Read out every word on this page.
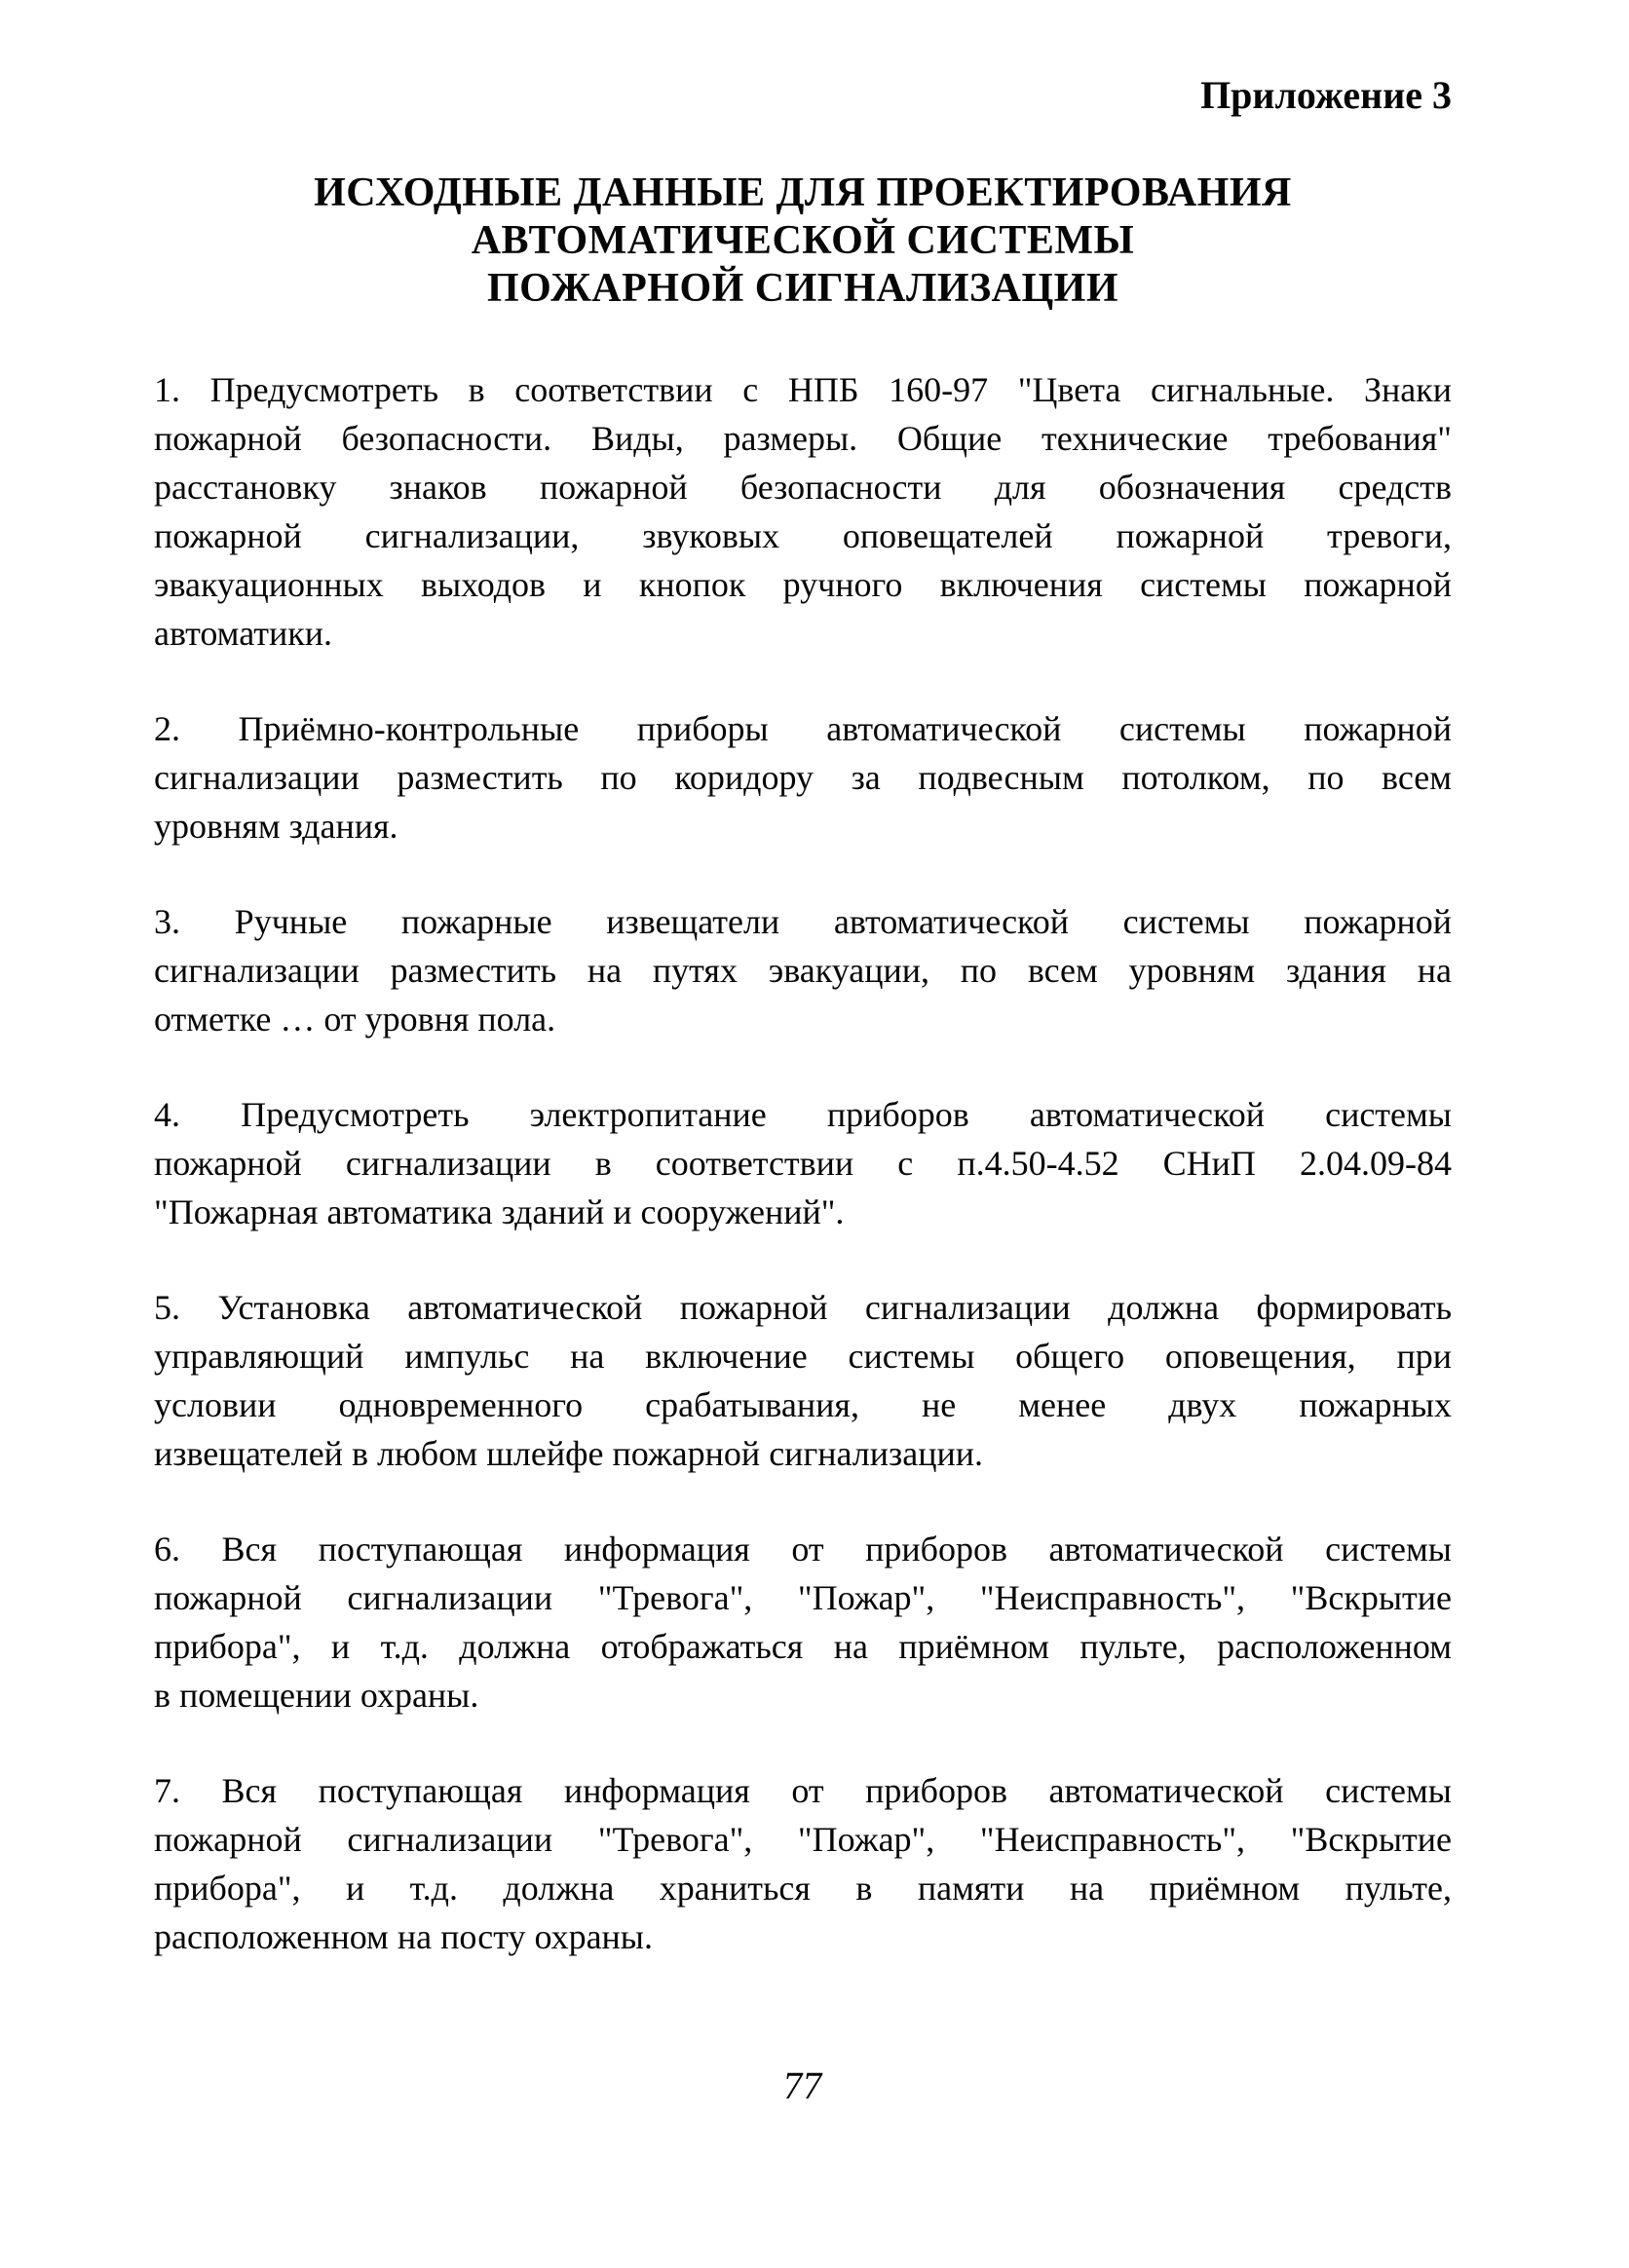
Приложение 3
ИСХОДНЫЕ ДАННЫЕ ДЛЯ ПРОЕКТИРОВАНИЯ
АВТОМАТИЧЕСКОЙ СИСТЕМЫ
ПОЖАРНОЙ СИГНАЛИЗАЦИИ
1. Предусмотреть в соответствии с НПБ 160-97 "Цвета сигнальные. Знаки
пожарной безопасности. Виды, размеры. Общие технические требования"
расстановку знаков пожарной безопасности для обозначения средств
пожарной сигнализации, звуковых оповещателей пожарной тревоги,
эвакуационных выходов и кнопок ручного включения системы пожарной
автоматики.
2. Приёмно-контрольные приборы автоматической системы пожарной
сигнализации разместить по коридору за подвесным потолком, по всем
уровням здания.
3. Ручные пожарные извещатели автоматической системы пожарной
сигнализации разместить на путях эвакуации, по всем уровням здания на
отметке … от уровня пола.
4. Предусмотреть электропитание приборов автоматической системы
пожарной сигнализации в соответствии с п.4.50-4.52 СНиП 2.04.09-84
"Пожарная автоматика зданий и сооружений".
5. Установка автоматической пожарной сигнализации должна формировать
управляющий импульс на включение системы общего оповещения, при
условии одновременного срабатывания, не менее двух пожарных
извещателей в любом шлейфе пожарной сигнализации.
6. Вся поступающая информация от приборов автоматической системы
пожарной сигнализации "Тревога", "Пожар", "Неисправность", "Вскрытие
прибора", и т.д. должна отображаться на приёмном пульте, расположенном
в помещении охраны.
7. Вся поступающая информация от приборов автоматической системы
пожарной сигнализации "Тревога", "Пожар", "Неисправность", "Вскрытие
прибора", и т.д. должна храниться в памяти на приёмном пульте,
расположенном на посту охраны.
77
